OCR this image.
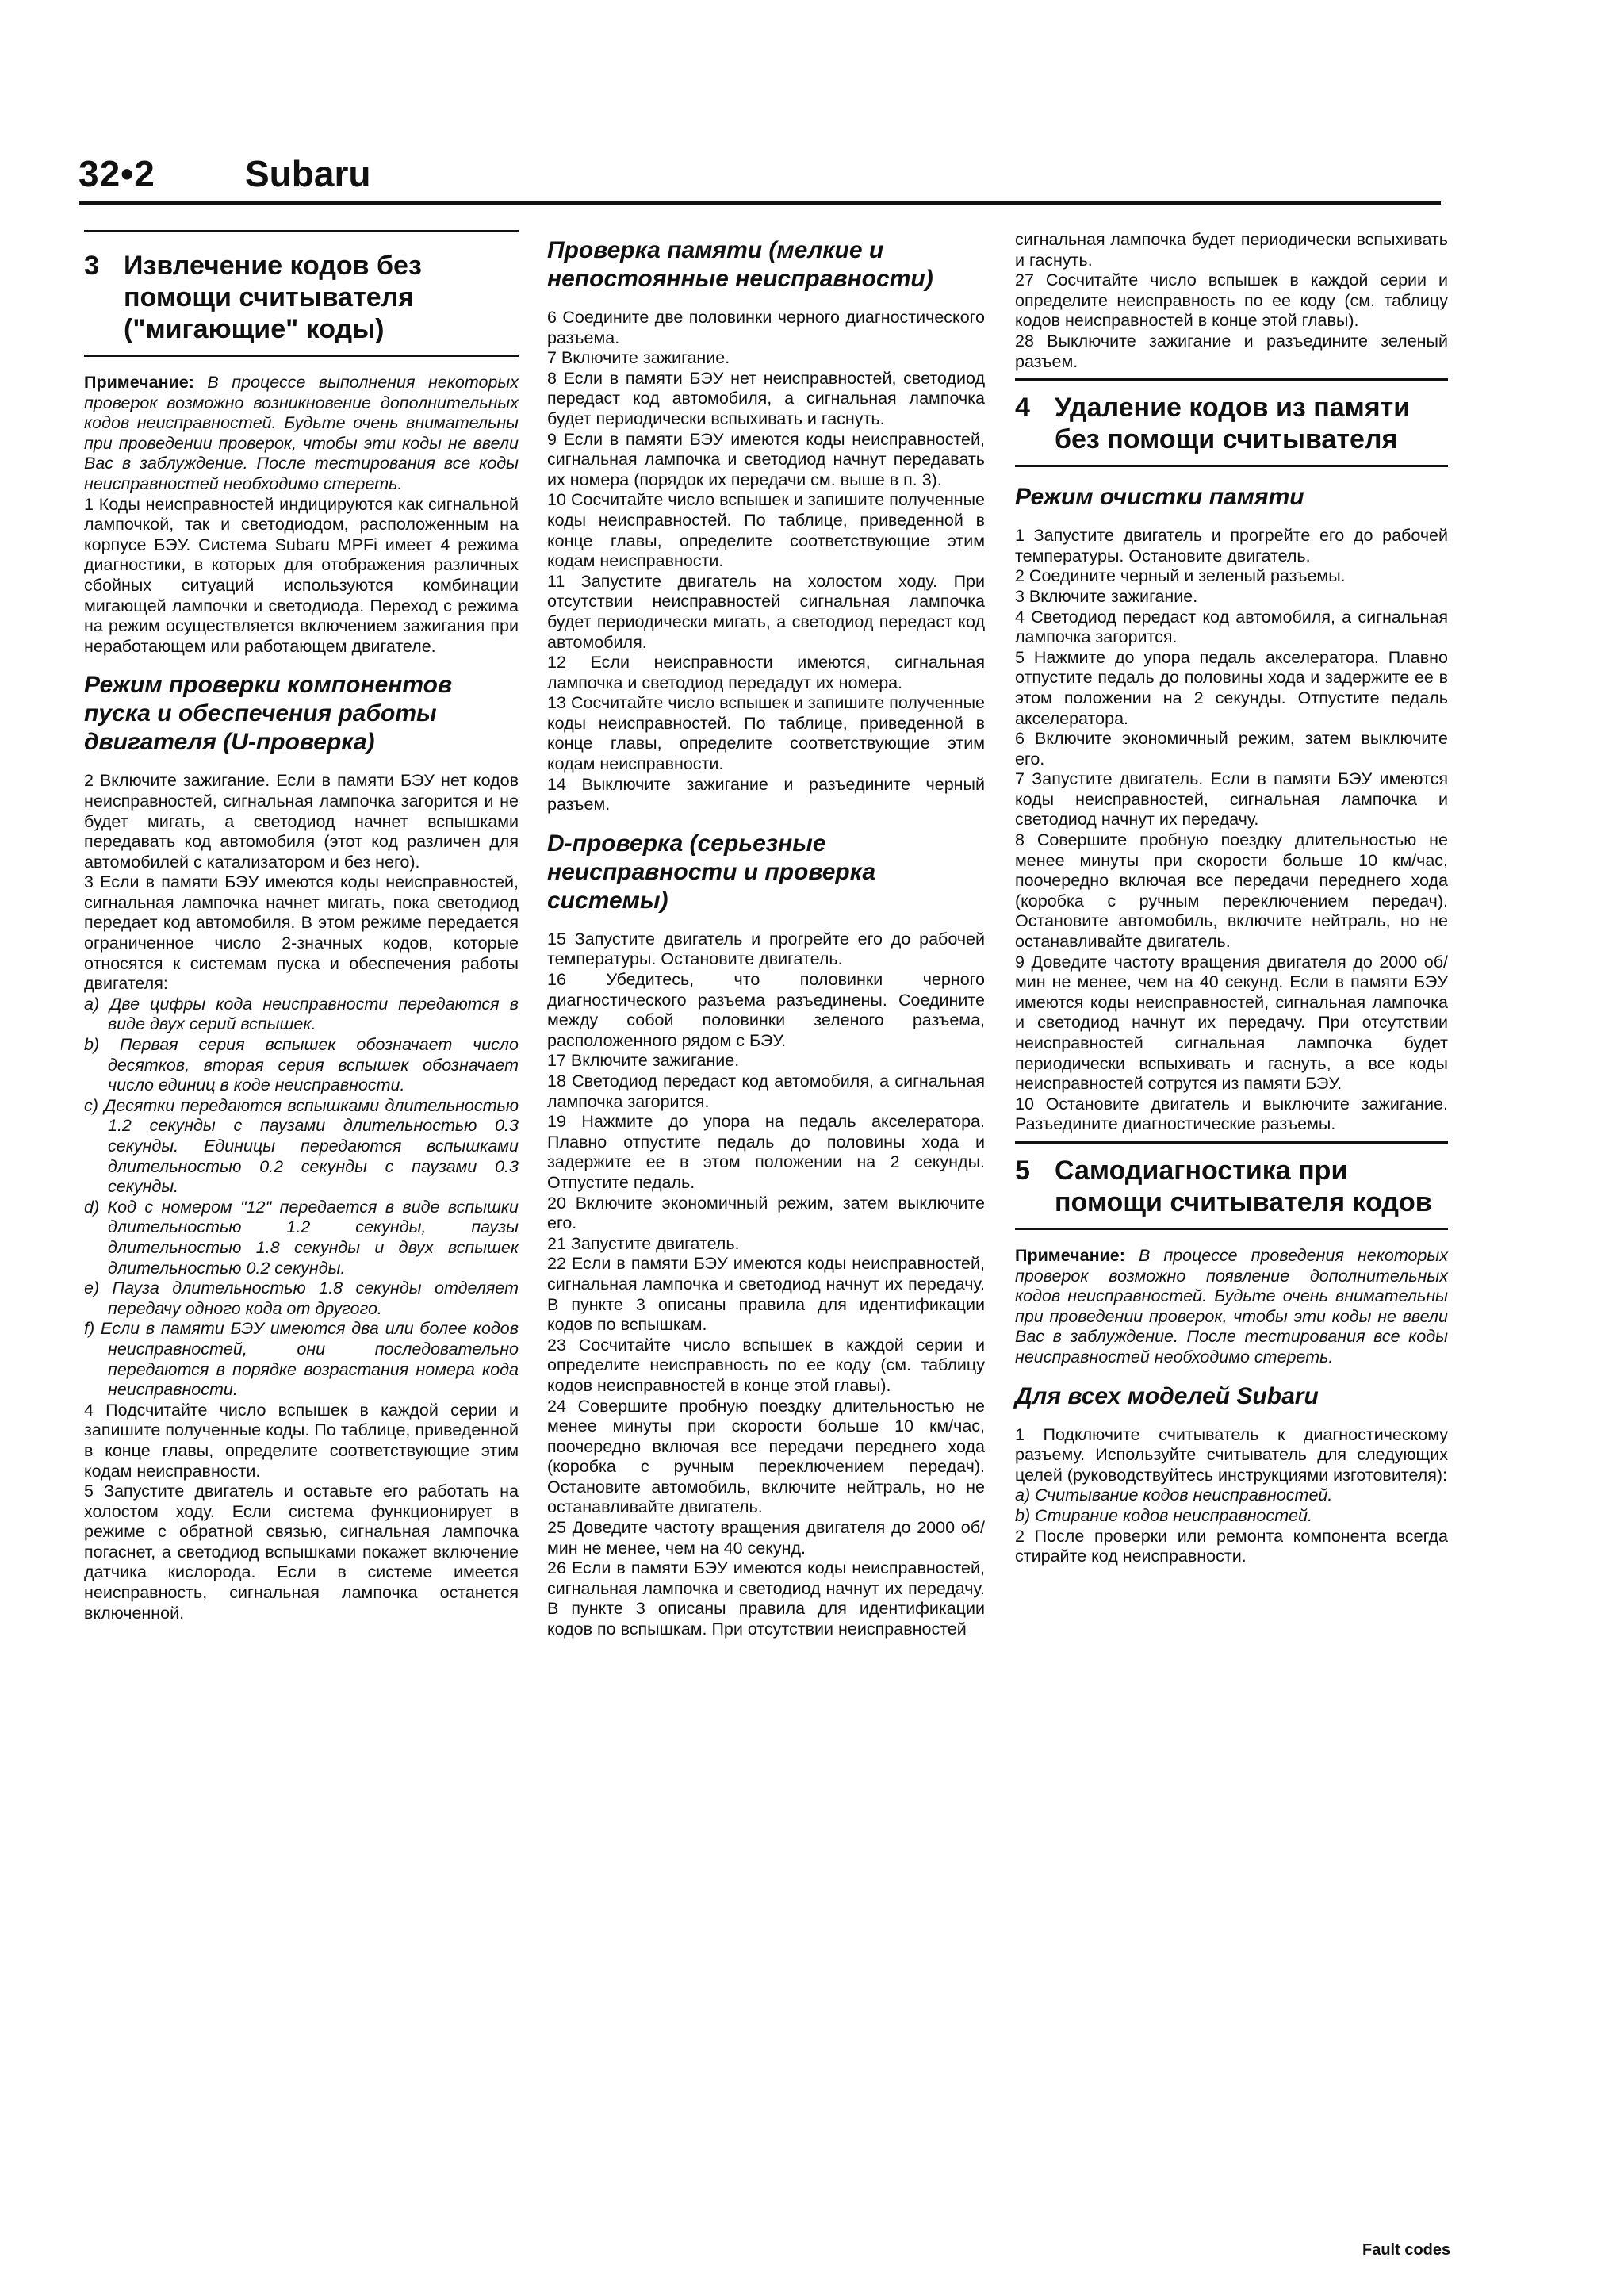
32•2 Subaru
3 Извлечение кодов без помощи считывателя ("мигающие" коды)

Примечание: В процессе выполнения некоторых проверок возможно возникновение дополнительных кодов неисправностей. Будьте очень внимательны при проведении проверок, чтобы эти коды не ввели Вас в заблуждение. После тестирования все коды неисправностей необходимо стереть.

1 Коды неисправностей индицируются как сигнальной лампочкой, так и светодиодом, расположенным на корпусе БЭУ. Система Subaru MPFi имеет 4 режима диагностики, в которых для отображения различных сбойных ситуаций используются комбинации мигающей лампочки и светодиода. Переход с режима на режим осуществляется включением зажигания при неработающем или работающем двигателе.

Режим проверки компонентов пуска и обеспечения работы двигателя (U-проверка)

2 Включите зажигание. Если в памяти БЭУ нет кодов неисправностей, сигнальная лампочка загорится и не будет мигать, а светодиод начнет вспышками передавать код автомобиля (этот код различен для автомобилей с катализатором и без него).

3 Если в памяти БЭУ имеются коды неисправностей, сигнальная лампочка начнет мигать, пока светодиод передает код автомобиля. В этом режиме передается ограниченное число 2-значных кодов, которые относятся к системам пуска и обеспечения работы двигателя:

a) Две цифры кода неисправности передаются в виде двух серий вспышек.

b) Первая серия вспышек обозначает число десятков, вторая серия вспышек обозначает число единиц в коде неисправности.

c) Десятки передаются вспышками длительностью 1.2 секунды с паузами длительностью 0.3 секунды. Единицы передаются вспышками длительностью 0.2 секунды с паузами 0.3 секунды.

d) Код с номером "12" передается в виде вспышки длительностью 1.2 секунды, паузы длительностью 1.8 секунды и двух вспышек длительностью 0.2 секунды.

e) Пауза длительностью 1.8 секунды отделяет передачу одного кода от другого.

f) Если в памяти БЭУ имеются два или более кодов неисправностей, они последовательно передаются в порядке возрастания номера кода неисправности.

4 Подсчитайте число вспышек в каждой серии и запишите полученные коды. По таблице, приведенной в конце главы, определите соответствующие этим кодам неисправности.

5 Запустите двигатель и оставьте его работать на холостом ходу. Если система функционирует в режиме с обратной связью, сигнальная лампочка погаснет, а светодиод вспышками покажет включение датчика кислорода. Если в системе имеется неисправность, сигнальная лампочка останется включенной.

Проверка памяти (мелкие и непостоянные неисправности)

6 Соедините две половинки черного диагностического разъема.

7 Включите зажигание.

8 Если в памяти БЭУ нет неисправностей, светодиод передаст код автомобиля, а сигнальная лампочка будет периодически вспыхивать и гаснуть.

9 Если в памяти БЭУ имеются коды неисправностей, сигнальная лампочка и светодиод начнут передавать их номера (порядок их передачи см. выше в п. 3).

10 Сосчитайте число вспышек и запишите полученные коды неисправностей. По таблице, приведенной в конце главы, определите соответствующие этим кодам неисправности.

11 Запустите двигатель на холостом ходу. При отсутствии неисправностей сигнальная лампочка будет периодически мигать, а светодиод передаст код автомобиля.

12 Если неисправности имеются, сигнальная лампочка и светодиод передадут их номера.

13 Сосчитайте число вспышек и запишите полученные коды неисправностей. По таблице, приведенной в конце главы, определите соответствующие этим кодам неисправности.

14 Выключите зажигание и разъедините черный разъем.

D-проверка (серьезные неисправности и проверка системы)

15 Запустите двигатель и прогрейте его до рабочей температуры. Остановите двигатель.

16 Убедитесь, что половинки черного диагностического разъема разъединены. Соедините между собой половинки зеленого разъема, расположенного рядом с БЭУ.

17 Включите зажигание.

18 Светодиод передаст код автомобиля, а сигнальная лампочка загорится.

19 Нажмите до упора на педаль акселератора. Плавно отпустите педаль до половины хода и задержите ее в этом положении на 2 секунды. Отпустите педаль.

20 Включите экономичный режим, затем выключите его.

21 Запустите двигатель.

22 Если в памяти БЭУ имеются коды неисправностей, сигнальная лампочка и светодиод начнут их передачу. В пункте 3 описаны правила для идентификации кодов по вспышкам.

23 Сосчитайте число вспышек в каждой серии и определите неисправность по ее коду (см. таблицу кодов неисправностей в конце этой главы).

24 Совершите пробную поездку длительностью не менее минуты при скорости больше 10 км/час, поочередно включая все передачи переднего хода (коробка с ручным переключением передач). Остановите автомобиль, включите нейтраль, но не останавливайте двигатель.

25 Доведите частоту вращения двигателя до 2000 об/мин не менее, чем на 40 секунд.

26 Если в памяти БЭУ имеются коды неисправностей, сигнальная лампочка и светодиод начнут их передачу. В пункте 3 описаны правила для идентификации кодов по вспышкам. При отсутствии неисправностей

сигнальная лампочка будет периодически вспыхивать и гаснуть.

27 Сосчитайте число вспышек в каждой серии и определите неисправность по ее коду (см. таблицу кодов неисправностей в конце этой главы).

28 Выключите зажигание и разъедините зеленый разъем.

4 Удаление кодов из памяти без помощи считывателя
Режим очистки памяти

1 Запустите двигатель и прогрейте его до рабочей температуры. Остановите двигатель.

2 Соедините черный и зеленый разъемы.

3 Включите зажигание.

4 Светодиод передаст код автомобиля, а сигнальная лампочка загорится.

5 Нажмите до упора педаль акселератора. Плавно отпустите педаль до половины хода и задержите ее в этом положении на 2 секунды. Отпустите педаль акселератора.

6 Включите экономичный режим, затем выключите его.

7 Запустите двигатель. Если в памяти БЭУ имеются коды неисправностей, сигнальная лампочка и светодиод начнут их передачу.

8 Совершите пробную поездку длительностью не менее минуты при скорости больше 10 км/час, поочередно включая все передачи переднего хода (коробка с ручным переключением передач). Остановите автомобиль, включите нейтраль, но не останавливайте двигатель.

9 Доведите частоту вращения двигателя до 2000 об/мин не менее, чем на 40 секунд. Если в памяти БЭУ имеются коды неисправностей, сигнальная лампочка и светодиод начнут их передачу. При отсутствии неисправностей сигнальная лампочка будет периодически вспыхивать и гаснуть, а все коды неисправностей сотрутся из памяти БЭУ.

10 Остановите двигатель и выключите зажигание. Разъедините диагностические разъемы.

5 Самодиагностика при помощи считывателя кодов

Примечание: В процессе проведения некоторых проверок возможно появление дополнительных кодов неисправностей. Будьте очень внимательны при проведении проверок, чтобы эти коды не ввели Вас в заблуждение. После тестирования все коды неисправностей необходимо стереть.

Для всех моделей Subaru

1 Подключите считыватель к диагностическому разъему. Используйте считыватель для следующих целей (руководствуйтесь инструкциями изготовителя):

a) Считывание кодов неисправностей.

b) Стирание кодов неисправностей.

2 После проверки или ремонта компонента всегда стирайте код неисправности.

Fault codes
